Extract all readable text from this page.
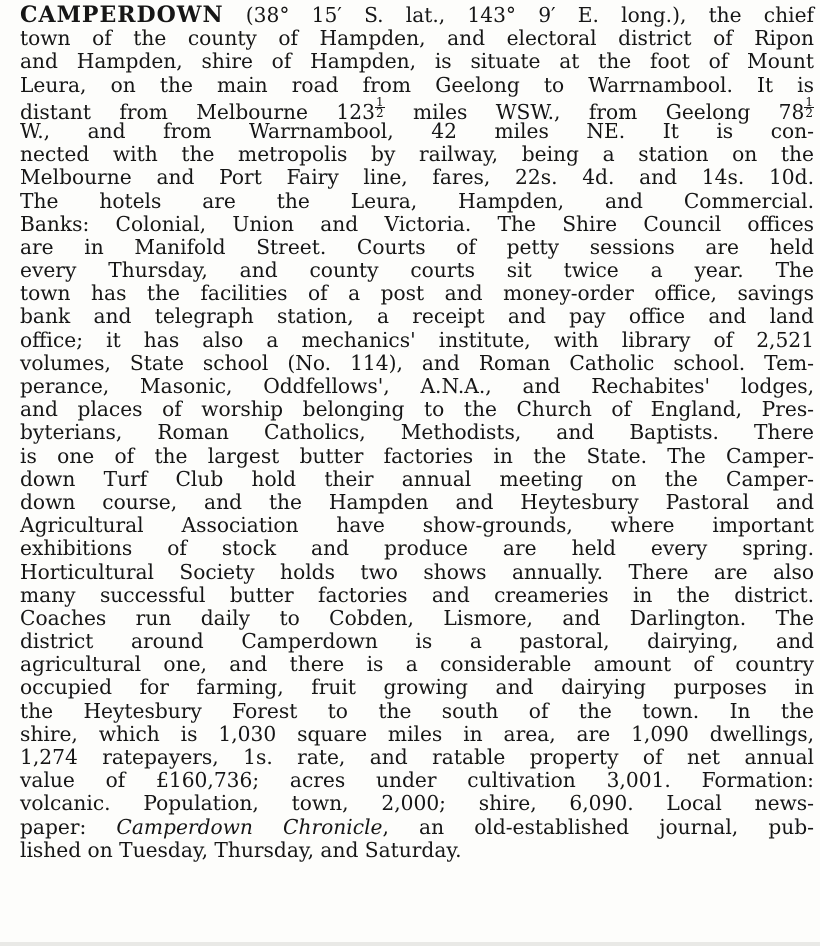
CAMPERDOWN (38° 15′ S. lat., 143° 9′ E. long.), the chief
town of the county of Hampden, and electoral district of Ripon
and Hampden, shire of Hampden, is situate at the foot of Mount
Leura, on the main road from Geelong to Warrnambool. It is
distant from Melbourne $123 \frac{1}{2}$ miles WSW., from Geelong $78 \frac{1}{2}$
W., and from Warrnambool, 42 miles NE. It is con-
nected with the metropolis by railway, being a station on the
Melbourne and Port Fairy line, fares, 22s. 4d. and 14s. 10d.
The hotels are the Leura, Hampden, and Commercial.
Banks: Colonial, Union and Victoria. The Shire Council offices
are in Manifold Street. Courts of petty sessions are held
every Thursday, and county courts sit twice a year. The
town has the facilities of a post and money-order office, savings
bank and telegraph station, a receipt and pay office and land
office; it has also a mechanics' institute, with library of 2,521
volumes, State school (No. 114), and Roman Catholic school. Tem-
perance, Masonic, Oddfellows', A.N.A., and Rechabites' lodges,
and places of worship belonging to the Church of England, Pres-
byterians, Roman Catholics, Methodists, and Baptists. There
is one of the largest butter factories in the State. The Camper-
down Turf Club hold their annual meeting on the Camper-
down course, and the Hampden and Heytesbury Pastoral and
Agricultural Association have show-grounds, where important
exhibitions of stock and produce are held every spring.
Horticultural Society holds two shows annually. There are also
many successful butter factories and creameries in the district.
Coaches run daily to Cobden, Lismore, and Darlington. The
district around Camperdown is a pastoral, dairying, and
agricultural one, and there is a considerable amount of country
occupied for farming, fruit growing and dairying purposes in
the Heytesbury Forest to the south of the town. In the
shire, which is 1,030 square miles in area, are 1,090 dwellings,
1,274 ratepayers, 1s. rate, and ratable property of net annual
value of £160,736; acres under cultivation 3,001. Formation:
volcanic. Population, town, 2,000; shire, 6,090. Local news-
paper: Camperdown Chronicle, an old-established journal, pub-
lished on Tuesday, Thursday, and Saturday.
